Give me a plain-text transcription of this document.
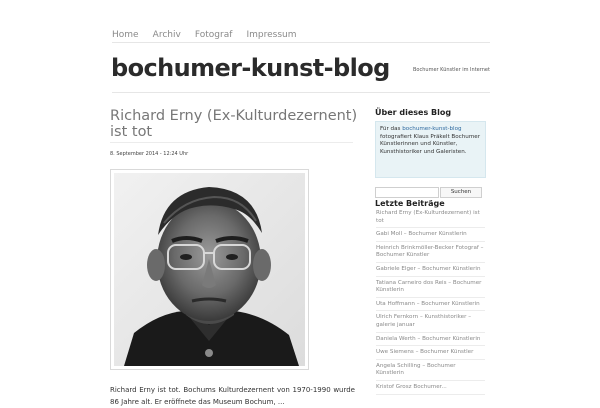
Home Archiv Fotograf Impressum
bochumer-kunst-blog	Bochumer Künstler im Internet
Richard Erny (Ex-Kulturdezernent) ist tot
8. September 2014 - 12:24 Uhr

Richard Erny ist tot. Bochums Kulturdezernent von 1970-1990 wurde 86 Jahre alt. Er eröffnete das Museum Bochum, ...

Über dieses Blog
Für das bochumer-kunst-blog fotografiert Klaus Präkelt Bochumer Künstlerinnen und Künstler, Kunsthistoriker und Galeristen.
Suchen
Letzte Beiträge
Richard Erny (Ex-Kulturdezernent) ist tot
Gabi Moll – Bochumer Künstlerin
Heinrich Brinkmöller-Becker Fotograf – Bochumer Künstler
Gabriele Elger – Bochumer Künstlerin
Tatiana Carneiro dos Reis – Bochumer Künstlerin
Uta Hoffmann – Bochumer Künstlerin
Ulrich Fernkorn – Kunsthistoriker – galerie januar
Daniela Werth – Bochumer Künstlerin
Uwe Siemens – Bochumer Künstler
Angela Schilling – Bochumer Künstlerin
Kristof Grosz Bochumer...
